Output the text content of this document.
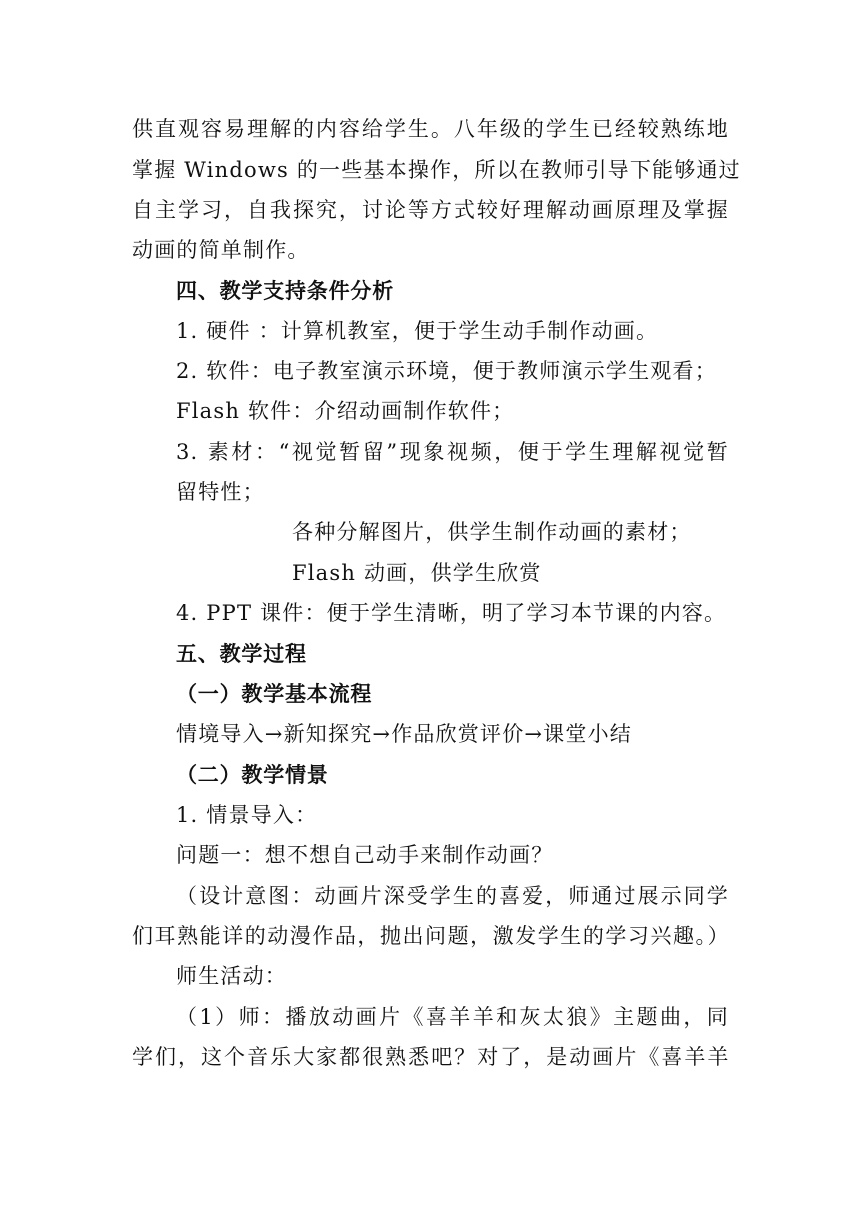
供直观容易理解的内容给学生。八年级的学生已经较熟练地
掌握 Windows 的一些基本操作，所以在教师引导下能够通过
自主学习，自我探究，讨论等方式较好理解动画原理及掌握
动画的简单制作。
四、教学支持条件分析
1. 硬件 ：计算机教室，便于学生动手制作动画。
2. 软件：电子教室演示环境，便于教师演示学生观看；
Flash 软件：介绍动画制作软件；
3. 素材：“视觉暂留”现象视频，便于学生理解视觉暂
留特性；
各种分解图片，供学生制作动画的素材；
Flash 动画，供学生欣赏
4. PPT 课件：便于学生清晰，明了学习本节课的内容。
五、教学过程
（一）教学基本流程
情境导入→新知探究→作品欣赏评价→课堂小结
（二）教学情景
1. 情景导入：
问题一：想不想自己动手来制作动画？
（设计意图：动画片深受学生的喜爱，师通过展示同学
们耳熟能详的动漫作品，抛出问题，激发学生的学习兴趣。）
师生活动：
（1）师：播放动画片《喜羊羊和灰太狼》主题曲，同
学们，这个音乐大家都很熟悉吧？对了，是动画片《喜羊羊
